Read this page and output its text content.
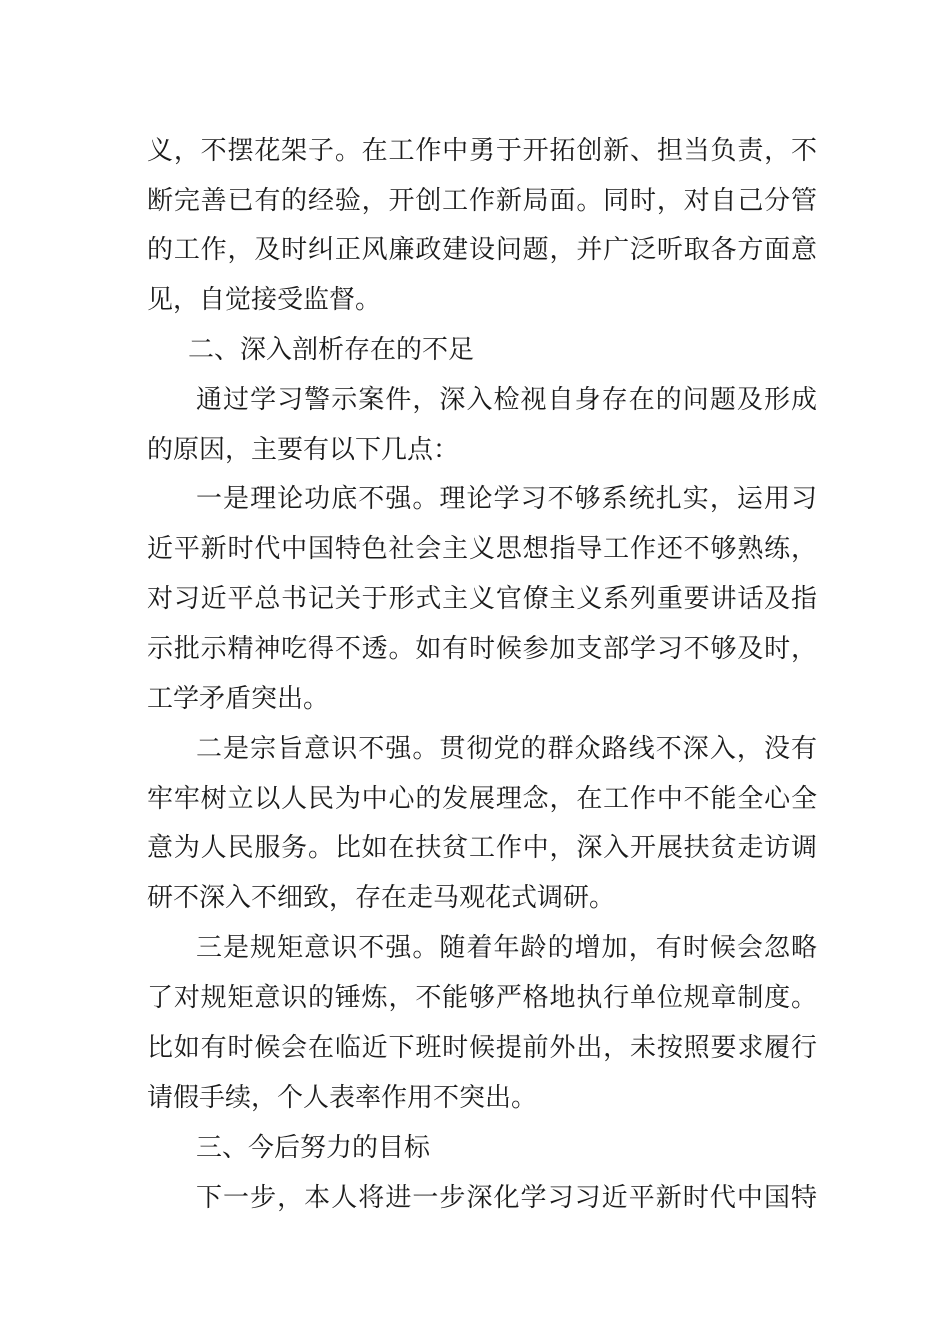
义，不摆花架子。在工作中勇于开拓创新、担当负责，不
断完善已有的经验，开创工作新局面。同时，对自己分管
的工作，及时纠正风廉政建设问题，并广泛听取各方面意
见，自觉接受监督。
二、深入剖析存在的不足
通过学习警示案件，深入检视自身存在的问题及形成
的原因，主要有以下几点：
一是理论功底不强。理论学习不够系统扎实，运用习
近平新时代中国特色社会主义思想指导工作还不够熟练，
对习近平总书记关于形式主义官僚主义系列重要讲话及指
示批示精神吃得不透。如有时候参加支部学习不够及时，
工学矛盾突出。
二是宗旨意识不强。贯彻党的群众路线不深入，没有
牢牢树立以人民为中心的发展理念，在工作中不能全心全
意为人民服务。比如在扶贫工作中，深入开展扶贫走访调
研不深入不细致，存在走马观花式调研。
三是规矩意识不强。随着年龄的增加，有时候会忽略
了对规矩意识的锤炼，不能够严格地执行单位规章制度。
比如有时候会在临近下班时候提前外出，未按照要求履行
请假手续，个人表率作用不突出。
三、今后努力的目标
下一步，本人将进一步深化学习习近平新时代中国特
